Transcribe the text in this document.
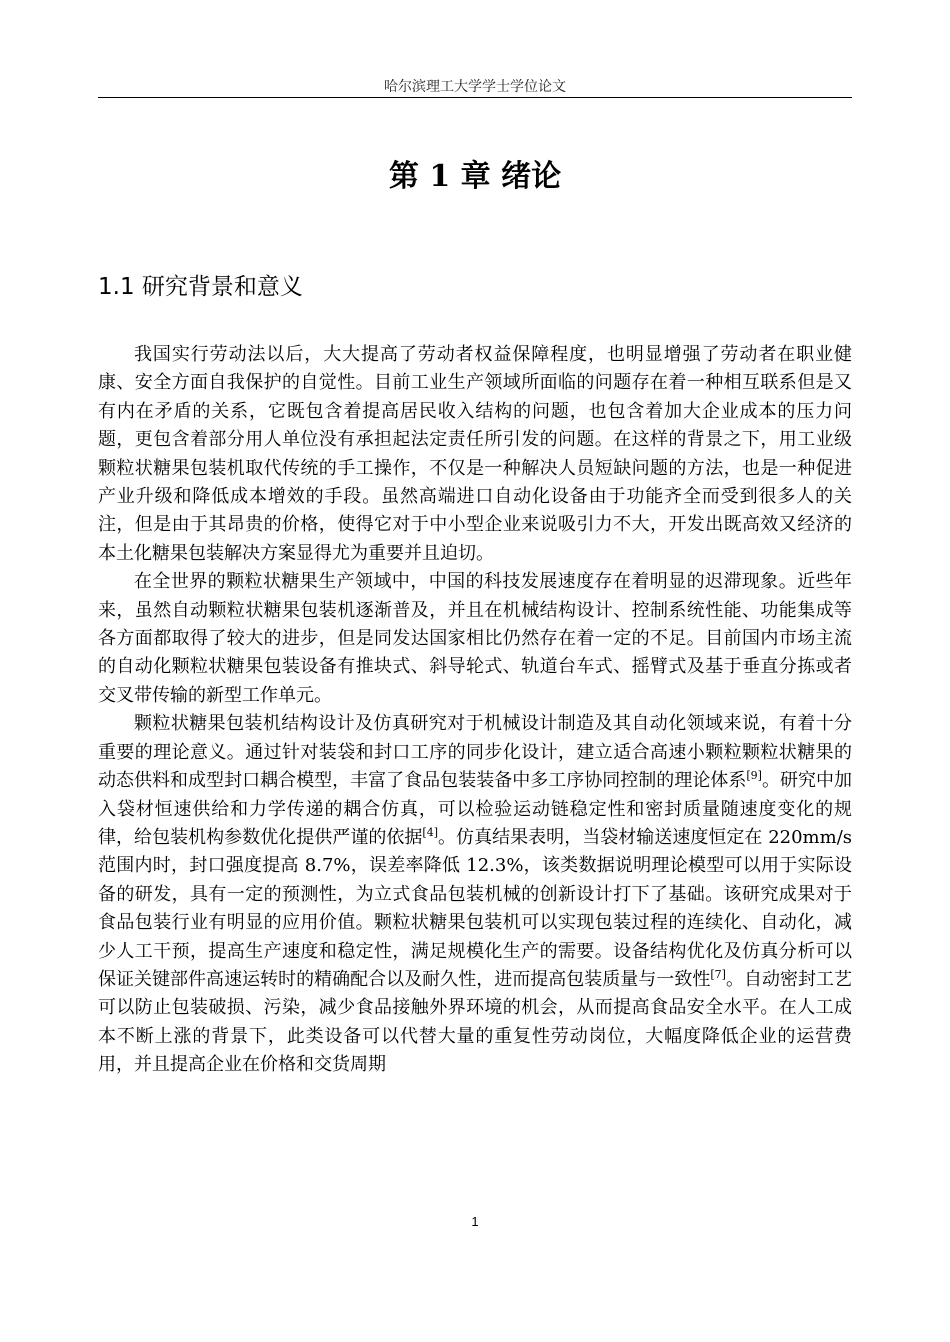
哈尔滨理工大学学士学位论文
第 1 章 绪论
1.1 研究背景和意义

我国实行劳动法以后，大大提高了劳动者权益保障程度，也明显增强了劳动者在职业健康、安全方面自我保护的自觉性。目前工业生产领域所面临的问题存在着一种相互联系但是又有内在矛盾的关系，它既包含着提高居民收入结构的问题，也包含着加大企业成本的压力问题，更包含着部分用人单位没有承担起法定责任所引发的问题。在这样的背景之下，用工业级颗粒状糖果包装机取代传统的手工操作，不仅是一种解决人员短缺问题的方法，也是一种促进产业升级和降低成本增效的手段。虽然高端进口自动化设备由于功能齐全而受到很多人的关注，但是由于其昂贵的价格，使得它对于中小型企业来说吸引力不大，开发出既高效又经济的本土化糖果包装解决方案显得尤为重要并且迫切。

在全世界的颗粒状糖果生产领域中，中国的科技发展速度存在着明显的迟滞现象。近些年来，虽然自动颗粒状糖果包装机逐渐普及，并且在机械结构设计、控制系统性能、功能集成等各方面都取得了较大的进步，但是同发达国家相比仍然存在着一定的不足。目前国内市场主流的自动化颗粒状糖果包装设备有推块式、斜导轮式、轨道台车式、摇臂式及基于垂直分拣或者交叉带传输的新型工作单元。

颗粒状糖果包装机结构设计及仿真研究对于机械设计制造及其自动化领域来说，有着十分重要的理论意义。通过针对装袋和封口工序的同步化设计，建立适合高速小颗粒颗粒状糖果的动态供料和成型封口耦合模型，丰富了食品包装装备中多工序协同控制的理论体系[9]。研究中加入袋材恒速供给和力学传递的耦合仿真，可以检验运动链稳定性和密封质量随速度变化的规律，给包装机构参数优化提供严谨的依据[4]。仿真结果表明，当袋材输送速度恒定在 220mm/s 范围内时，封口强度提高 8.7%，误差率降低 12.3%，该类数据说明理论模型可以用于实际设备的研发，具有一定的预测性，为立式食品包装机械的创新设计打下了基础。该研究成果对于食品包装行业有明显的应用价值。颗粒状糖果包装机可以实现包装过程的连续化、自动化，减少人工干预，提高生产速度和稳定性，满足规模化生产的需要。设备结构优化及仿真分析可以保证关键部件高速运转时的精确配合以及耐久性，进而提高包装质量与一致性[7]。自动密封工艺可以防止包装破损、污染，减少食品接触外界环境的机会，从而提高食品安全水平。在人工成本不断上涨的背景下，此类设备可以代替大量的重复性劳动岗位，大幅度降低企业的运营费用，并且提高企业在价格和交货周期

1
